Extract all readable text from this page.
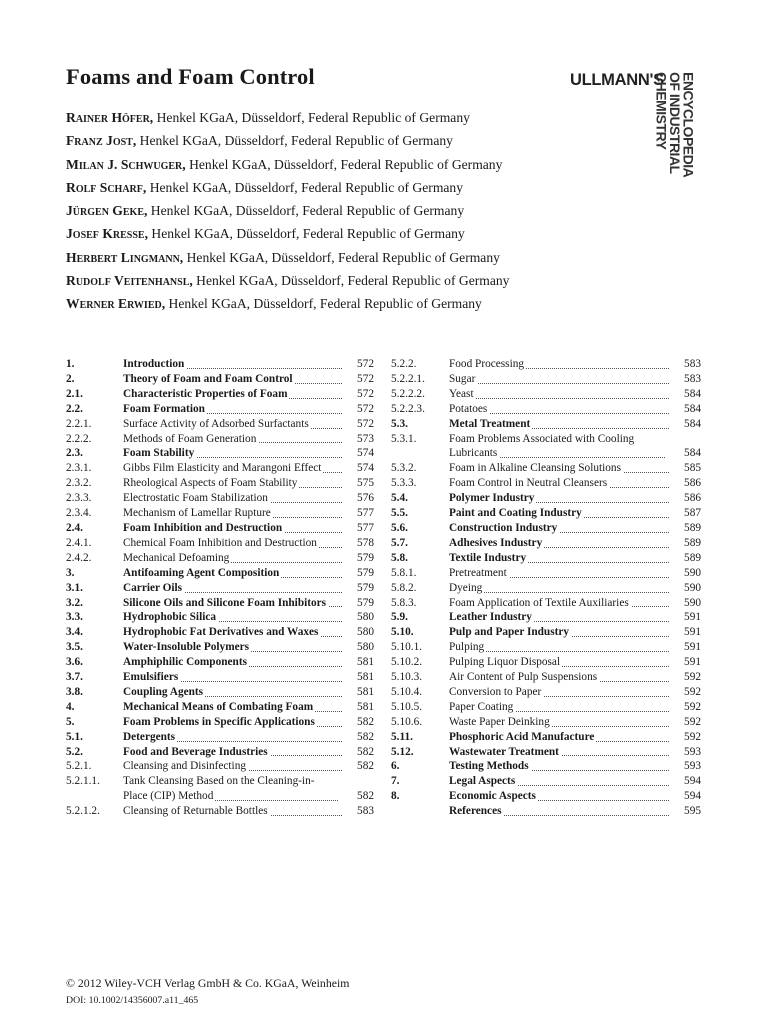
Foams and Foam Control	ULLMANN'S ENCYCLOPEDIA
OF INDUSTRIAL
CHEMISTRY
Rainer Höfer, Henkel KGaA, Düsseldorf, Federal Republic of Germany
Franz Jost, Henkel KGaA, Düsseldorf, Federal Republic of Germany
Milan J. Schwuger, Henkel KGaA, Düsseldorf, Federal Republic of Germany
Rolf Scharf, Henkel KGaA, Düsseldorf, Federal Republic of Germany
Jürgen Geke, Henkel KGaA, Düsseldorf, Federal Republic of Germany
Josef Kresse, Henkel KGaA, Düsseldorf, Federal Republic of Germany
Herbert Lingmann, Henkel KGaA, Düsseldorf, Federal Republic of Germany
Rudolf Veitenhansl, Henkel KGaA, Düsseldorf, Federal Republic of Germany
Werner Erwied, Henkel KGaA, Düsseldorf, Federal Republic of Germany
1.	Introduction	572
2.	Theory of Foam and Foam Control	572
2.1.	Characteristic Properties of Foam	572
2.2.	Foam Formation	572
2.2.1.	Surface Activity of Adsorbed Surfactants	572
2.2.2.	Methods of Foam Generation	573
2.3.	Foam Stability	574
2.3.1.	Gibbs Film Elasticity and Marangoni Effect	574
2.3.2.	Rheological Aspects of Foam Stability	575
2.3.3.	Electrostatic Foam Stabilization	576
2.3.4.	Mechanism of Lamellar Rupture	577
2.4.	Foam Inhibition and Destruction	577
2.4.1.	Chemical Foam Inhibition and Destruction	578
2.4.2.	Mechanical Defoaming	579
3.	Antifoaming Agent Composition	579
3.1.	Carrier Oils	579
3.2.	Silicone Oils and Silicone Foam Inhibitors	579
3.3.	Hydrophobic Silica	580
3.4.	Hydrophobic Fat Derivatives and Waxes	580
3.5.	Water-Insoluble Polymers	580
3.6.	Amphiphilic Components	581
3.7.	Emulsifiers	581
3.8.	Coupling Agents	581
4.	Mechanical Means of Combating Foam	581
5.	Foam Problems in Specific Applications	582
5.1.	Detergents	582
5.2.	Food and Beverage Industries	582
5.2.1.	Cleansing and Disinfecting	582
5.2.1.1.	Tank Cleansing Based on the Cleaning-in-
Place (CIP) Method	582
5.2.1.2.	Cleansing of Returnable Bottles	583
5.2.2.	Food Processing	583
5.2.2.1.	Sugar	583
5.2.2.2.	Yeast	584
5.2.2.3.	Potatoes	584
5.3.	Metal Treatment	584
5.3.1.	Foam Problems Associated with Cooling
Lubricants	584
5.3.2.	Foam in Alkaline Cleansing Solutions	585
5.3.3.	Foam Control in Neutral Cleansers	586
5.4.	Polymer Industry	586
5.5.	Paint and Coating Industry	587
5.6.	Construction Industry	589
5.7.	Adhesives Industry	589
5.8.	Textile Industry	589
5.8.1.	Pretreatment	590
5.8.2.	Dyeing	590
5.8.3.	Foam Application of Textile Auxiliaries	590
5.9.	Leather Industry	591
5.10.	Pulp and Paper Industry	591
5.10.1.	Pulping	591
5.10.2.	Pulping Liquor Disposal	591
5.10.3.	Air Content of Pulp Suspensions	592
5.10.4.	Conversion to Paper	592
5.10.5.	Paper Coating	592
5.10.6.	Waste Paper Deinking	592
5.11.	Phosphoric Acid Manufacture	592
5.12.	Wastewater Treatment	593
6.	Testing Methods	593
7.	Legal Aspects	594
8.	Economic Aspects	594
References	595
© 2012 Wiley-VCH Verlag GmbH & Co. KGaA, Weinheim
DOI: 10.1002/14356007.a11_465
